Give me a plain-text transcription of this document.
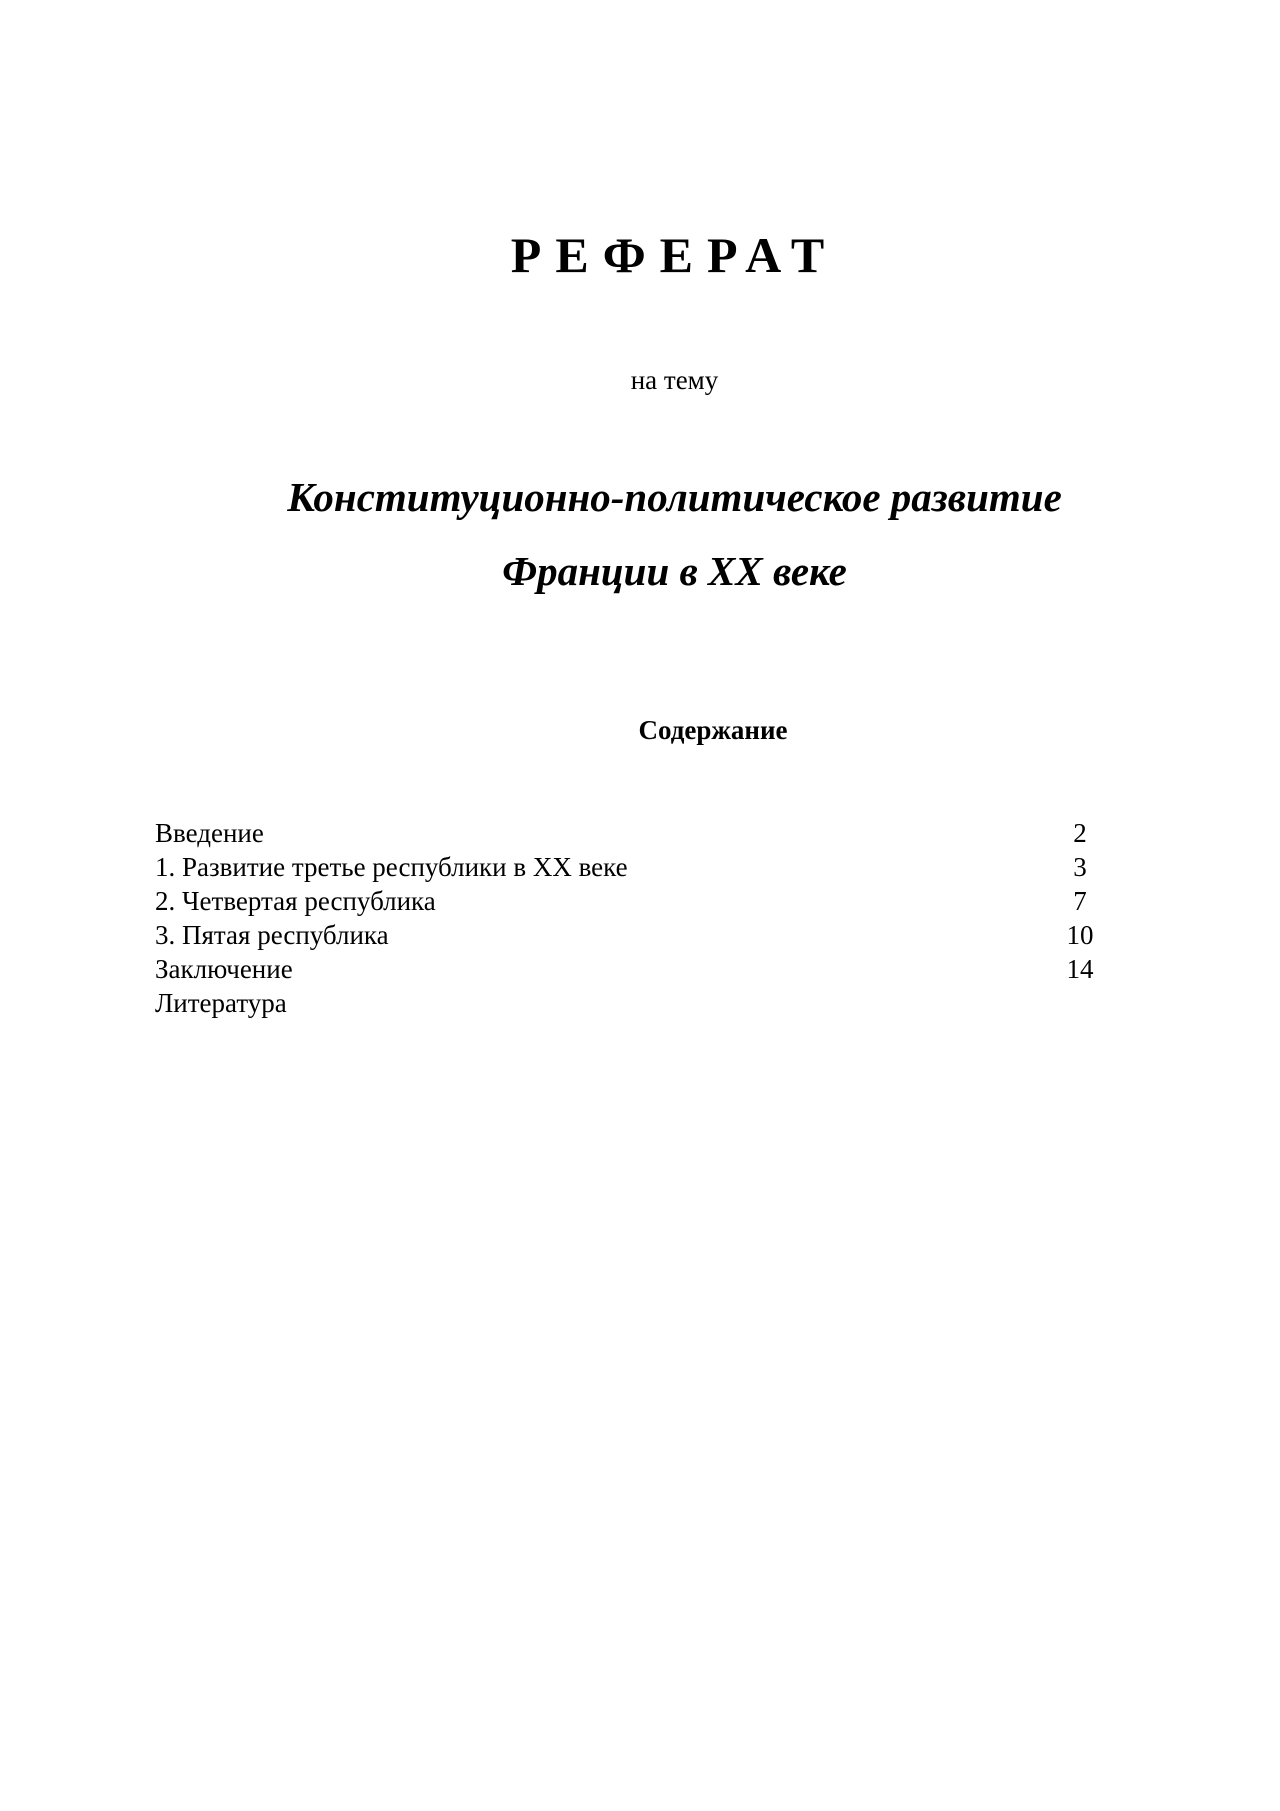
РЕФЕРАТ
на тему
Конституционно-политическое развитие
Франции в XX веке
Содержание
Введение	2
1. Развитие третье республики в XX веке	3
2. Четвертая республика	7
3. Пятая республика	10
Заключение	14
Литература
